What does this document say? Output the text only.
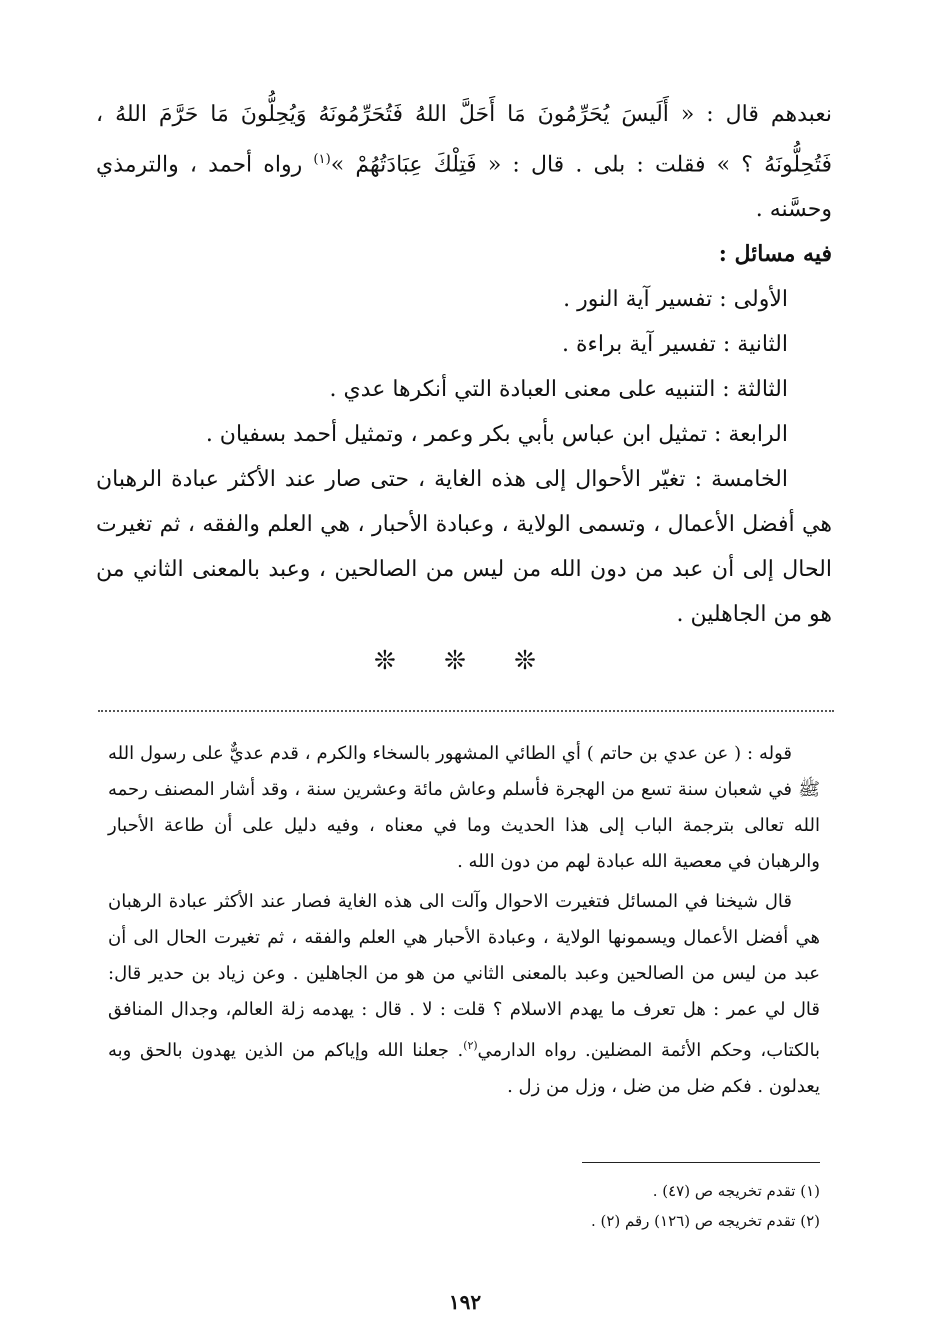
نعبدهم قال : « أَلَيسَ يُحَرِّمُونَ مَا أَحَلَّ اللهُ فَتُحَرِّمُونَهُ وَيُحِلُّونَ مَا حَرَّمَ اللهُ ، فَتُحِلُّونَهُ ؟ » فقلت : بلى . قال : « فَتِلْكَ عِبَادَتُهُمْ »$^{(١)}$ رواه أحمد ، والترمذي وحسَّنه .

فيه مسائل :

الأولى : تفسير آية النور .

الثانية : تفسير آية براءة .

الثالثة : التنبيه على معنى العبادة التي أنكرها عدي .

الرابعة : تمثيل ابن عباس بأبي بكر وعمر ، وتمثيل أحمد بسفيان .

الخامسة : تغيّر الأحوال إلى هذه الغاية ، حتى صار عند الأكثر عبادة الرهبان هي أفضل الأعمال ، وتسمى الولاية ، وعبادة الأحبار ، هي العلم والفقه ، ثم تغيرت الحال إلى أن عبد من دون الله من ليس من الصالحين ، وعبد بالمعنى الثاني من هو من الجاهلين .

❊ ❊ ❊

قوله : ( عن عدي بن حاتم ) أي الطائي المشهور بالسخاء والكرم ، قدم عديٌّ على رسول الله ﷺ في شعبان سنة تسع من الهجرة فأسلم وعاش مائة وعشرين سنة ، وقد أشار المصنف رحمه الله تعالى بترجمة الباب إلى هذا الحديث وما في معناه ، وفيه دليل على أن طاعة الأحبار والرهبان في معصية الله عبادة لهم من دون الله .

قال شيخنا في المسائل فتغيرت الاحوال وآلت الى هذه الغاية فصار عند الأكثر عبادة الرهبان هي أفضل الأعمال ويسمونها الولاية ، وعبادة الأحبار هي العلم والفقه ، ثم تغيرت الحال الى أن عبد من ليس من الصالحين وعبد بالمعنى الثاني من هو من الجاهلين . وعن زياد بن حدير قال: قال لي عمر : هل تعرف ما يهدم الاسلام ؟ قلت : لا . قال : يهدمه زلة العالم، وجدال المنافق بالكتاب، وحكم الأئمة المضلين. رواه الدارمي$^{(٢)}$. جعلنا الله وإياكم من الذين يهدون بالحق وبه يعدلون . فكم ضل من ضل ، وزل من زل .

(١) تقدم تخريجه ص (٤٧) .

(٢) تقدم تخريجه ص (١٢٦) رقم (٢) .

١٩٢
